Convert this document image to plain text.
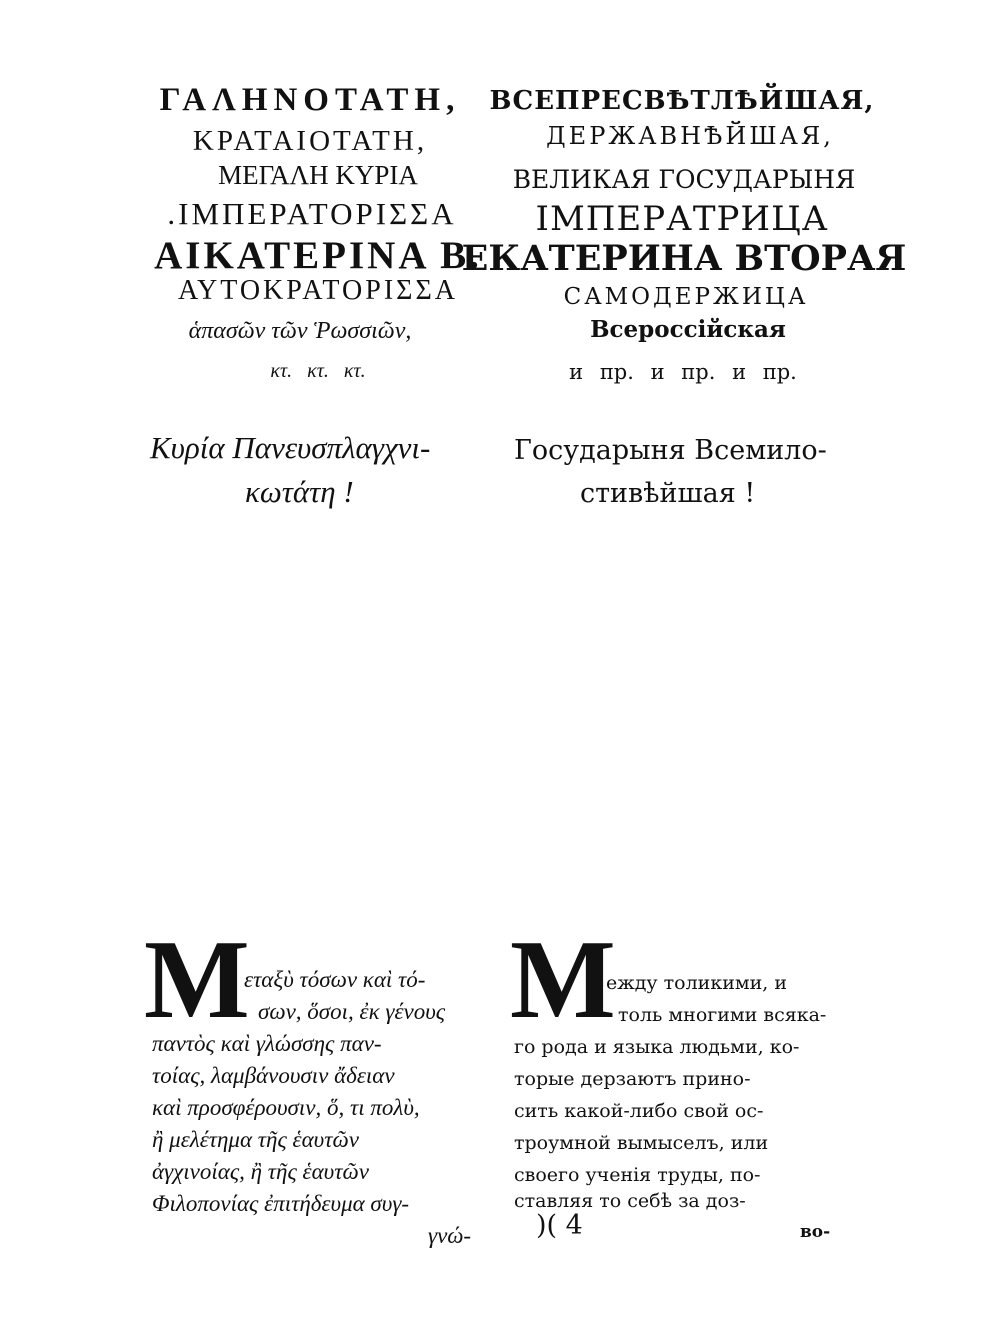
ΓΑΛΗΝΟΤΑΤΗ,
ΚΡΑΤΑΙΟΤΑΤΗ,
ΜΕΓΑΛΗ ΚΥΡΙΑ
.ΙΜΠΕΡΑΤΟΡΙΣΣΑ
ΑΙΚΑΤΕΡΙΝΑ Β.
ΑΥΤΟΚΡΑΤΟΡΙΣΣΑ
ἁπασῶν τῶν Ῥωσσιῶν,
κτ. κτ. κτ.
ВСЕПРЕСВѢТЛѢЙШАЯ,
ДЕРЖАВНѢЙШАЯ,
ВЕЛИКАЯ ГОСУДАРЫНЯ
ІМПЕРАТРИЦА
ЕКАТЕРИНА ВТОРАЯ
САМОДЕРЖИЦА
Всероссійская
и пр. и пр. и пр.
Κυρία Πανευσπλαγχνι-
κωτάτη !
Государыня Всемило-
стивѣйшая !
M
εταξὺ τόσων καὶ τό-
σων, ὅσοι, ἐκ γένους
παντὸς καὶ γλώσσης παν-
τοίας, λαμβάνουσιν ἄδειαν
καὶ προσφέρουσιν, ὅ, τι πολὺ,
ἢ μελέτημα τῆς ἑαυτῶν
ἀγχινοίας, ἢ τῆς ἑαυτῶν
Φιλοπονίας ἐπιτήδευμα συγ-
γνώ-
M
ежду толикими, и
толь многими всяка-
го рода и языка людьми, ко-
торые дерзаютъ прино-
сить какой-либо свой ос-
троумной вымыселъ, или
своего ученія труды, по-
ставляя то себѣ за доз-
)( 4	во-
